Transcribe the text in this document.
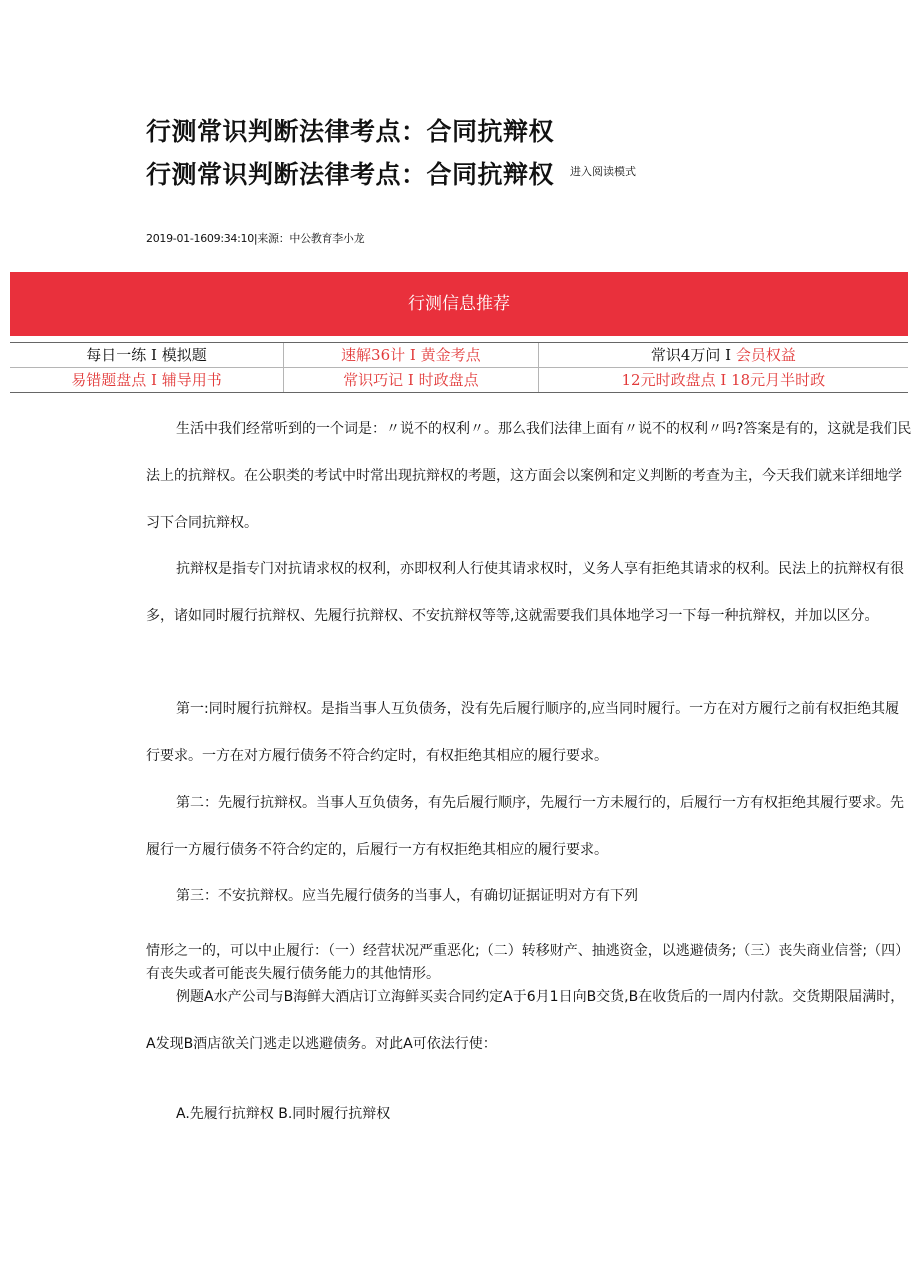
行测常识判断法律考点：合同抗辩权
行测常识判断法律考点：合同抗辩权 $^{进入阅读模式}$
2019-01-1609:34:10|来源：中公教育李小龙
行测信息推荐
每日一练 I 模拟题	速解36计 I 黄金考点	常识4万问 I 会员权益
易错题盘点 I 辅导用书	常识巧记 I 时政盘点	12元时政盘点 I 18元月半时政

生活中我们经常听到的一个词是：〃说不的权利〃。那么我们法律上面有〃说不的权利〃吗?答案是有的，这就是我们民法上的抗辩权。在公职类的考试中时常出现抗辩权的考题，这方面会以案例和定义判断的考查为主，今天我们就来详细地学习下合同抗辩权。

抗辩权是指专门对抗请求权的权利，亦即权利人行使其请求权时，义务人享有拒绝其请求的权利。民法上的抗辩权有很多，诸如同时履行抗辩权、先履行抗辩权、不安抗辩权等等,这就需要我们具体地学习一下每一种抗辩权，并加以区分。

第一:同时履行抗辩权。是指当事人互负债务，没有先后履行顺序的,应当同时履行。一方在对方履行之前有权拒绝其履行要求。一方在对方履行债务不符合约定时，有权拒绝其相应的履行要求。

第二：先履行抗辩权。当事人互负债务，有先后履行顺序，先履行一方未履行的，后履行一方有权拒绝其履行要求。先履行一方履行债务不符合约定的，后履行一方有权拒绝其相应的履行要求。

第三：不安抗辩权。应当先履行债务的当事人，有确切证据证明对方有下列

情形之一的，可以中止履行：（一）经营状况严重恶化;（二）转移财产、抽逃资金，以逃避债务;（三）丧失商业信誉;（四）有丧失或者可能丧失履行债务能力的其他情形。

例题A水产公司与B海鲜大酒店订立海鲜买卖合同约定A于6月1日向B交货,B在收货后的一周内付款。交货期限届满时，A发现B酒店欲关门逃走以逃避债务。对此A可依法行使：

A.先履行抗辩权 B.同时履行抗辩权
